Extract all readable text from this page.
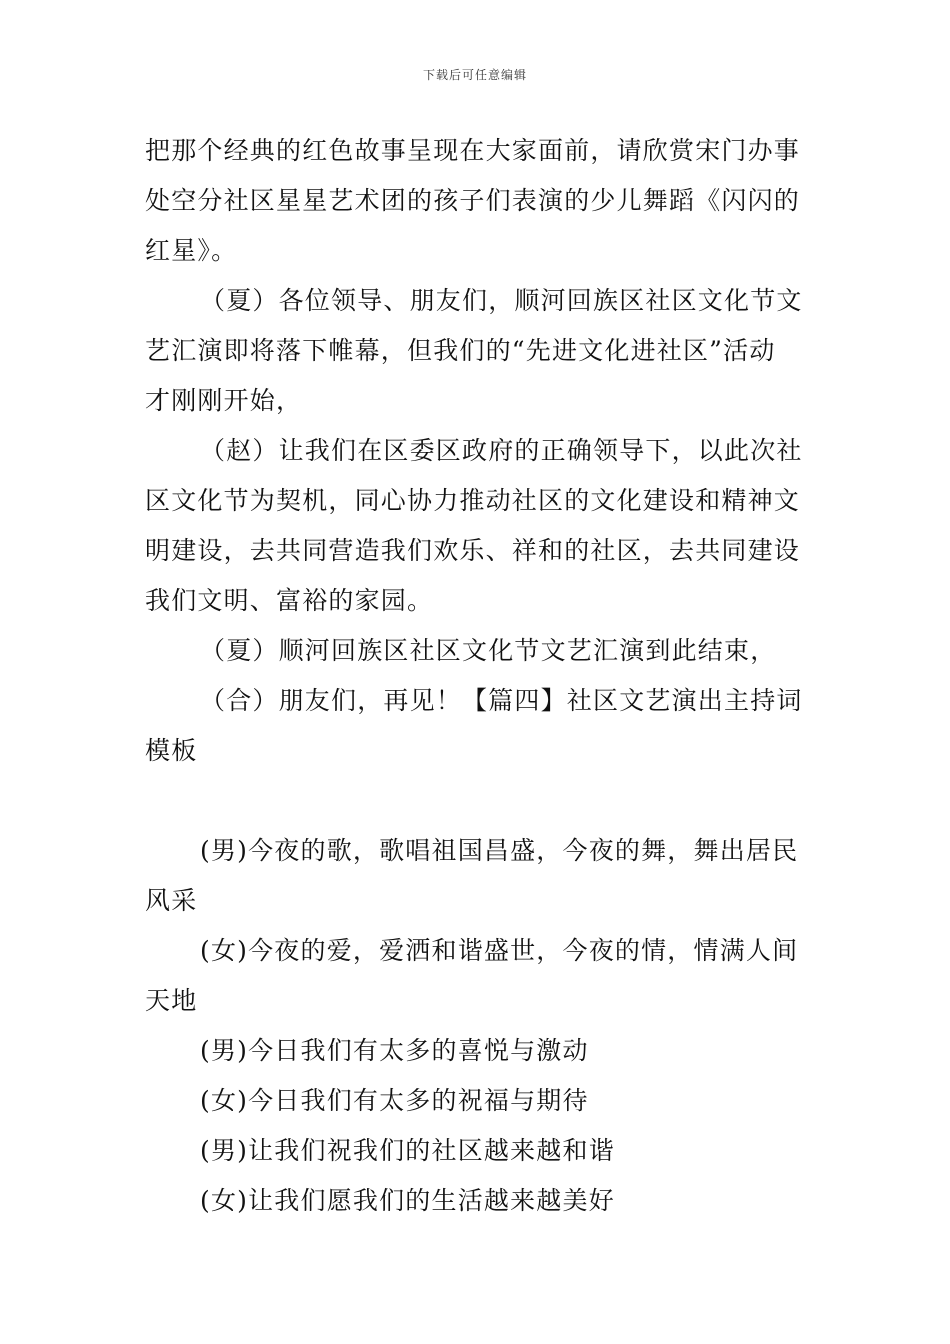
下载后可任意编辑

把那个经典的红色故事呈现在大家面前，请欣赏宋门办事
处空分社区星星艺术团的孩子们表演的少儿舞蹈《闪闪的
红星》。

（夏）各位领导、朋友们，顺河回族区社区文化节文
艺汇演即将落下帷幕，但我们的“先进文化进社区”活动
才刚刚开始，

（赵）让我们在区委区政府的正确领导下，以此次社
区文化节为契机，同心协力推动社区的文化建设和精神文
明建设，去共同营造我们欢乐、祥和的社区，去共同建设
我们文明、富裕的家园。

（夏）顺河回族区社区文化节文艺汇演到此结束，

（合）朋友们，再见！【篇四】社区文艺演出主持词
模板

(男)今夜的歌，歌唱祖国昌盛，今夜的舞，舞出居民
风采

(女)今夜的爱，爱洒和谐盛世，今夜的情，情满人间
天地

(男)今日我们有太多的喜悦与激动

(女)今日我们有太多的祝福与期待

(男)让我们祝我们的社区越来越和谐

(女)让我们愿我们的生活越来越美好
